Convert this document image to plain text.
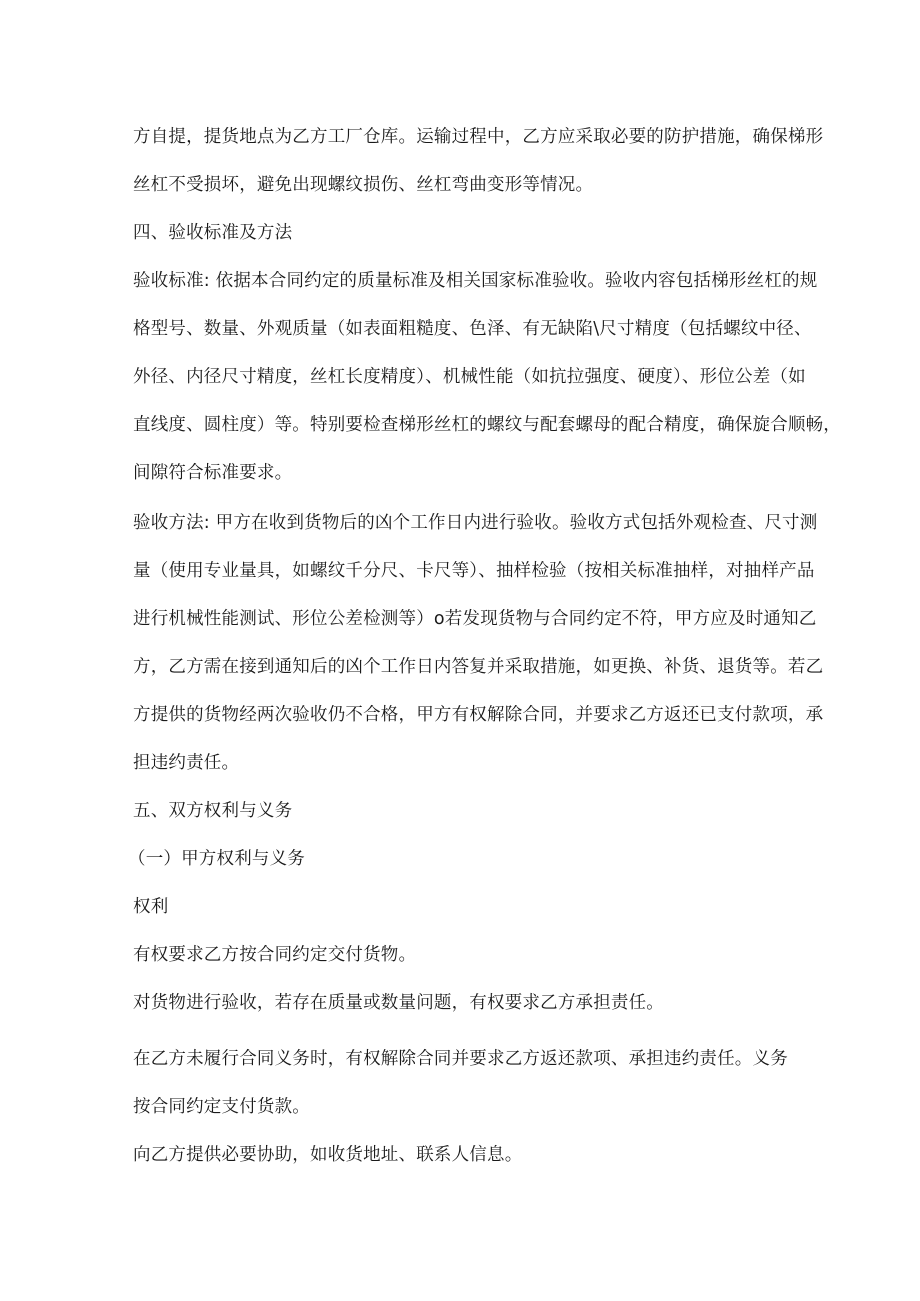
方自提，提货地点为乙方工厂仓库。运输过程中，乙方应采取必要的防护措施，确保梯形
丝杠不受损坏，避免出现螺纹损伤、丝杠弯曲变形等情况。
四、验收标准及方法
验收标准: 依据本合同约定的质量标准及相关国家标准验收。验收内容包括梯形丝杠的规
格型号、数量、外观质量（如表面粗糙度、色泽、有无缺陷\尺寸精度（包括螺纹中径、
外径、内径尺寸精度，丝杠长度精度）、机械性能（如抗拉强度、硬度）、形位公差（如
直线度、圆柱度）等。特别要检查梯形丝杠的螺纹与配套螺母的配合精度，确保旋合顺畅，
间隙符合标准要求。
验收方法: 甲方在收到货物后的凶个工作日内进行验收。验收方式包括外观检查、尺寸测
量（使用专业量具，如螺纹千分尺、卡尺等）、抽样检验（按相关标准抽样，对抽样产品
进行机械性能测试、形位公差检测等）o若发现货物与合同约定不符，甲方应及时通知乙
方，乙方需在接到通知后的凶个工作日内答复并采取措施，如更换、补货、退货等。若乙
方提供的货物经两次验收仍不合格，甲方有权解除合同，并要求乙方返还已支付款项，承
担违约责任。
五、双方权利与义务
（一）甲方权利与义务
权利
有权要求乙方按合同约定交付货物。
对货物进行验收，若存在质量或数量问题，有权要求乙方承担责任。
在乙方未履行合同义务时，有权解除合同并要求乙方返还款项、承担违约责任。义务
按合同约定支付货款。
向乙方提供必要协助，如收货地址、联系人信息。
